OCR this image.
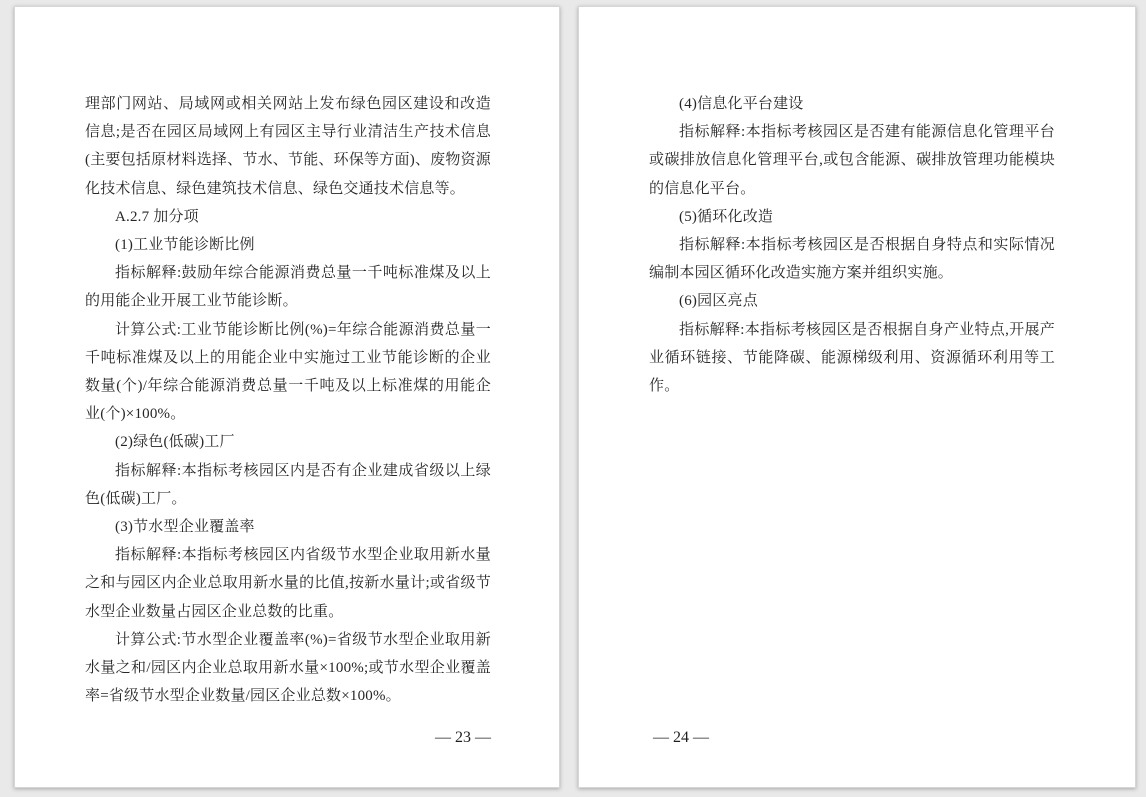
理部门网站、局域网或相关网站上发布绿色园区建设和改造信息;是否在园区局域网上有园区主导行业清洁生产技术信息(主要包括原材料选择、节水、节能、环保等方面)、废物资源化技术信息、绿色建筑技术信息、绿色交通技术信息等。

A.2.7 加分项

(1)工业节能诊断比例

指标解释:鼓励年综合能源消费总量一千吨标准煤及以上的用能企业开展工业节能诊断。

计算公式:工业节能诊断比例(%)=年综合能源消费总量一千吨标准煤及以上的用能企业中实施过工业节能诊断的企业数量(个)/年综合能源消费总量一千吨及以上标准煤的用能企业(个)×100%。

(2)绿色(低碳)工厂

指标解释:本指标考核园区内是否有企业建成省级以上绿色(低碳)工厂。

(3)节水型企业覆盖率

指标解释:本指标考核园区内省级节水型企业取用新水量之和与园区内企业总取用新水量的比值,按新水量计;或省级节水型企业数量占园区企业总数的比重。

计算公式:节水型企业覆盖率(%)=省级节水型企业取用新水量之和/园区内企业总取用新水量×100%;或节水型企业覆盖率=省级节水型企业数量/园区企业总数×100%。

— 23 —

(4)信息化平台建设

指标解释:本指标考核园区是否建有能源信息化管理平台或碳排放信息化管理平台,或包含能源、碳排放管理功能模块的信息化平台。

(5)循环化改造

指标解释:本指标考核园区是否根据自身特点和实际情况编制本园区循环化改造实施方案并组织实施。

(6)园区亮点

指标解释:本指标考核园区是否根据自身产业特点,开展产业循环链接、节能降碳、能源梯级利用、资源循环利用等工作。

— 24 —
